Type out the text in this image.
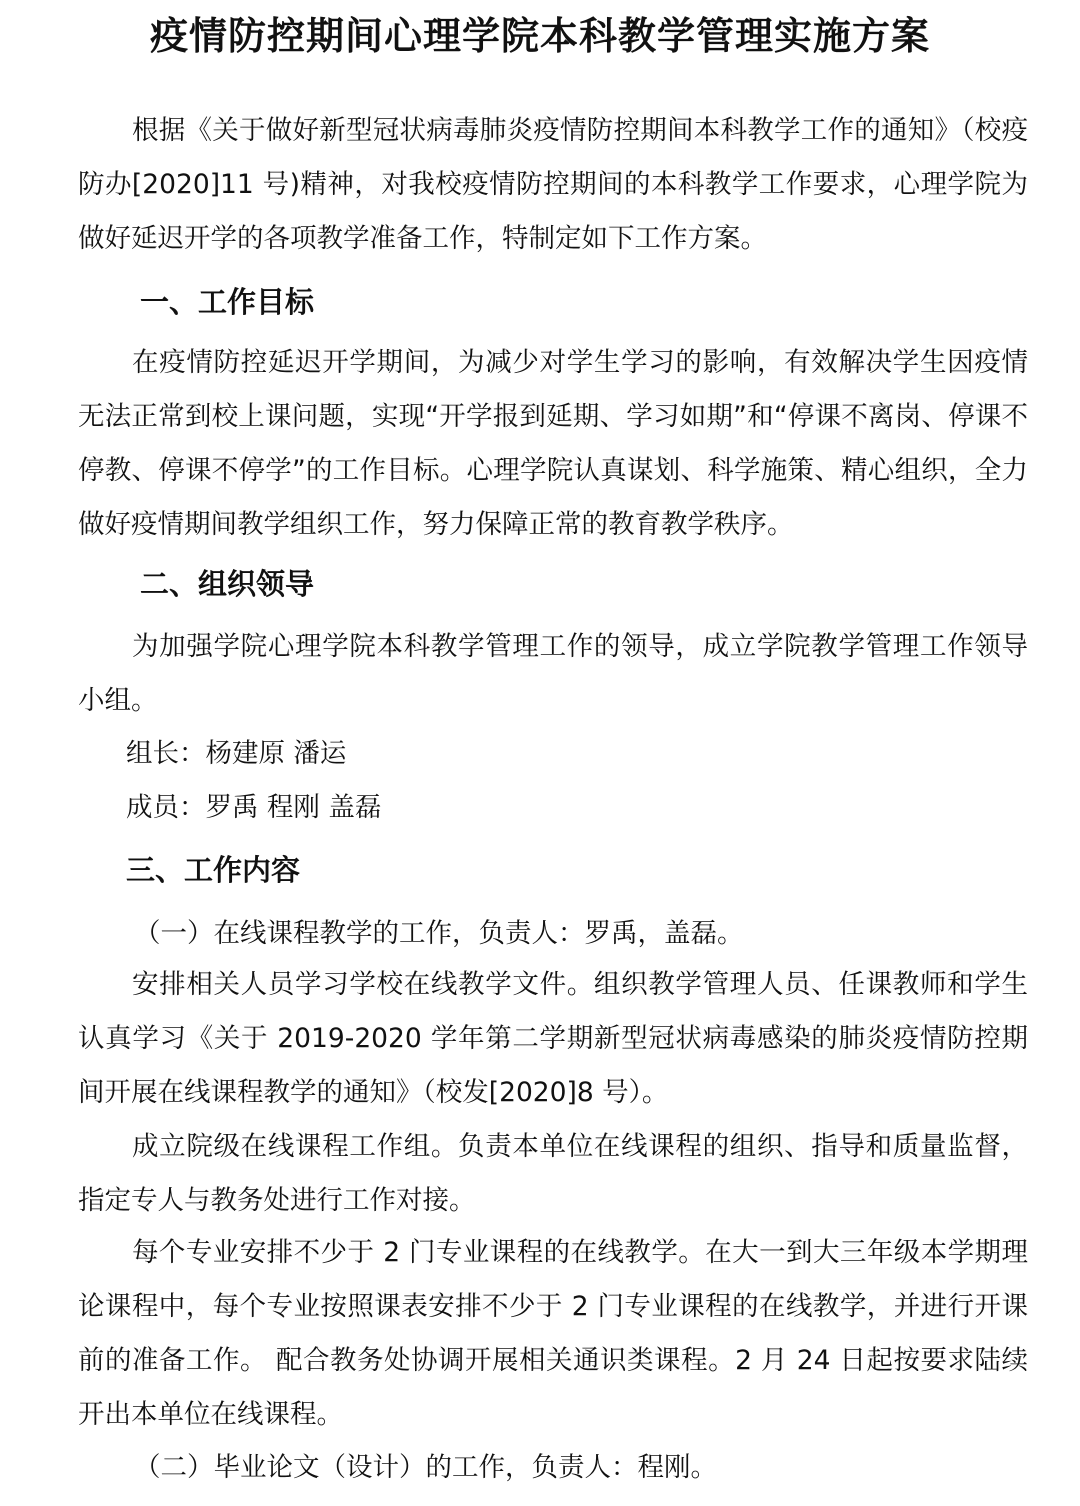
疫情防控期间心理学院本科教学管理实施方案

根据《关于做好新型冠状病毒肺炎疫情防控期间本科教学工作的通知》（校疫防办[2020]11 号)精神，对我校疫情防控期间的本科教学工作要求，心理学院为做好延迟开学的各项教学准备工作，特制定如下工作方案。

一、工作目标

在疫情防控延迟开学期间，为减少对学生学习的影响，有效解决学生因疫情无法正常到校上课问题，实现“开学报到延期、学习如期”和“停课不离岗、停课不停教、停课不停学”的工作目标。心理学院认真谋划、科学施策、精心组织，全力做好疫情期间教学组织工作，努力保障正常的教育教学秩序。

二、组织领导

为加强学院心理学院本科教学管理工作的领导，成立学院教学管理工作领导小组。

组长：杨建原 潘运
成员：罗禹 程刚 盖磊
三、工作内容
（一）在线课程教学的工作，负责人：罗禹，盖磊。

安排相关人员学习学校在线教学文件。组织教学管理人员、任课教师和学生认真学习《关于 2019-2020 学年第二学期新型冠状病毒感染的肺炎疫情防控期间开展在线课程教学的通知》（校发[2020]8 号）。

成立院级在线课程工作组。负责本单位在线课程的组织、指导和质量监督，指定专人与教务处进行工作对接。

每个专业安排不少于 2 门专业课程的在线教学。在大一到大三年级本学期理论课程中，每个专业按照课表安排不少于 2 门专业课程的在线教学，并进行开课前的准备工作。 配合教务处协调开展相关通识类课程。2 月 24 日起按要求陆续开出本单位在线课程。

（二）毕业论文（设计）的工作，负责人：程刚。
